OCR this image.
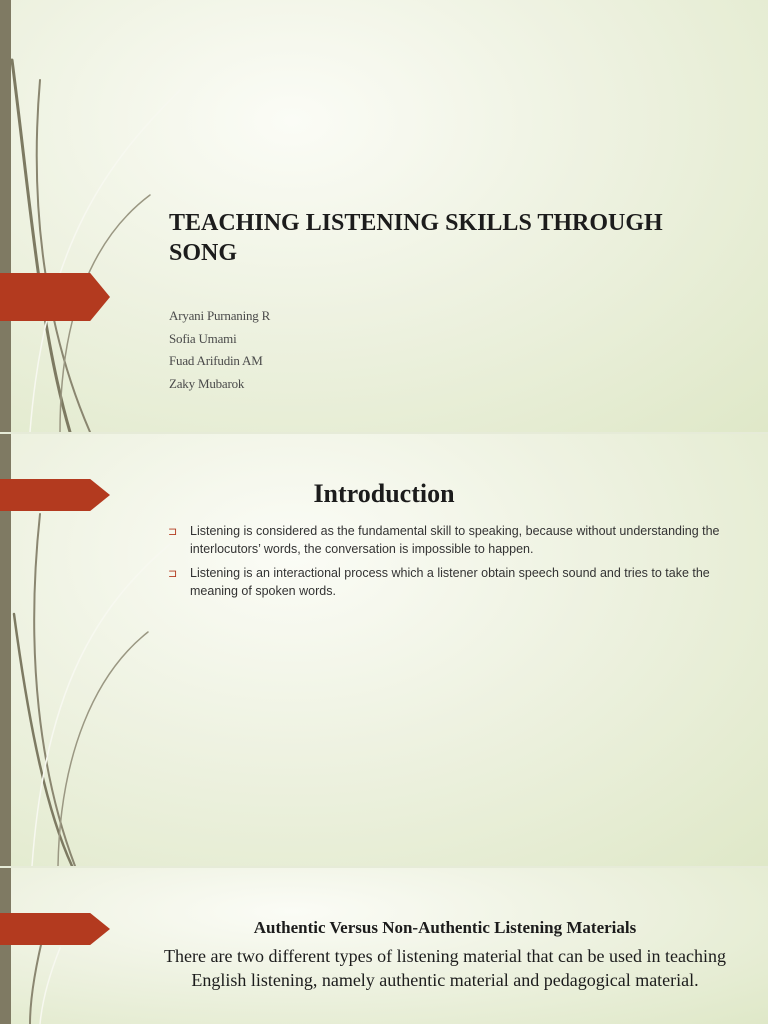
TEACHING LISTENING SKILLS THROUGH
SONG
Aryani Purnaning R
Sofia Umami
Fuad Arifudin AM
Zaky Mubarok
Introduction
⊐ Listening is considered as the fundamental skill to speaking, because without understanding the interlocutors’ words, the conversation is impossible to happen.
⊐ Listening is an interactional process which a listener obtain speech sound and tries to take the meaning of spoken words.
Authentic Versus Non-Authentic Listening Materials

There are two different types of listening material that can be used in teaching English listening, namely authentic material and pedagogical material.
